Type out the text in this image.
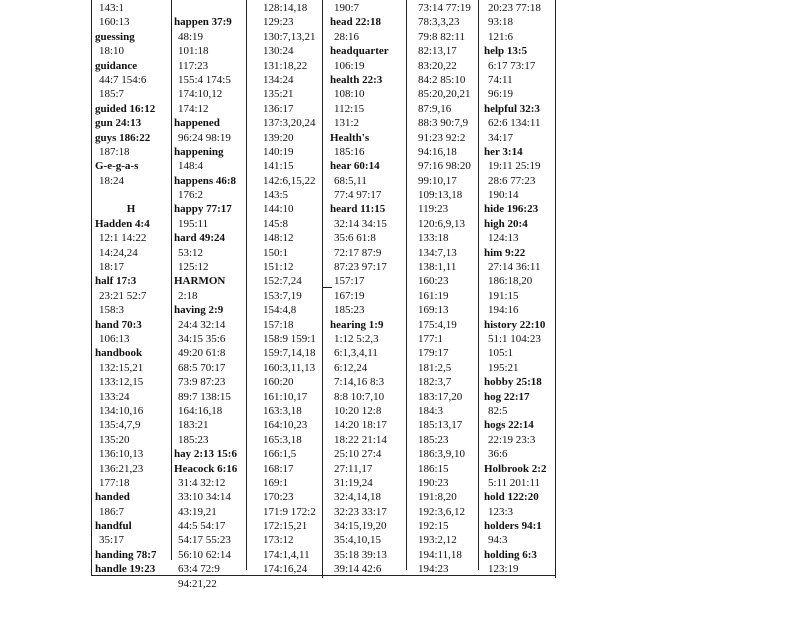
143:1
160:13
guessing
18:10
guidance
44:7 154:6
185:7
guided 16:12
gun 24:13
guys 186:22
187:18
G-e-g-a-s
18:24
H
Hadden 4:4
12:1 14:22
14:24,24
18:17
half 17:3
23:21 52:7
158:3
hand 70:3
106:13
handbook
132:15,21
133:12,15
133:24
134:10,16
135:4,7,9
135:20
136:10,13
136:21,23
177:18
handed
186:7
handful
35:17
handing 78:7
handle 19:23
happen 37:9
48:19
101:18
117:23
155:4 174:5
174:10,12
174:12
happened
96:24 98:19
happening
148:4
happens 46:8
176:2
happy 77:17
195:11
hard 49:24
53:12
125:12
HARMON
2:18
having 2:9
24:4 32:14
34:15 35:6
49:20 61:8
68:5 70:17
73:9 87:23
89:7 138:15
164:16,18
183:21
185:23
hay 2:13 15:6
Heacock 6:16
31:4 32:12
33:10 34:14
43:19,21
44:5 54:17
54:17 55:23
56:10 62:14
63:4 72:9
94:21,22
128:14,18
129:23
130:7,13,21
130:24
131:18,22
134:24
135:21
136:17
137:3,20,24
139:20
140:19
141:15
142:6,15,22
143:5
144:10
145:8
148:12
150:1
151:12
152:7,24
153:7,19
154:4,8
157:18
158:9 159:1
159:7,14,18
160:3,11,13
160:20
161:10,17
163:3,18
164:10,23
165:3,18
166:1,5
168:17
169:1
170:23
171:9 172:2
172:15,21
173:12
174:1,4,11
174:16,24
190:7
head 22:18
28:16
headquarter
106:19
health 22:3
108:10
112:15
131:2
Health's
185:16
hear 60:14
68:5,11
77:4 97:17
heard 11:15
32:14 34:15
35:6 61:8
72:17 87:9
87:23 97:17
157:17
167:19
185:23
hearing 1:9
1:12 5:2,3
6:1,3,4,11
6:12,24
7:14,16 8:3
8:8 10:7,10
10:20 12:8
14:20 18:17
18:22 21:14
25:10 27:4
27:11,17
31:19,24
32:4,14,18
32:23 33:17
34:15,19,20
35:4,10,15
35:18 39:13
39:14 42:6
73:14 77:19
78:3,3,23
79:8 82:11
82:13,17
83:20,22
84:2 85:10
85:20,20,21
87:9,16
88:3 90:7,9
91:23 92:2
94:16,18
97:16 98:20
99:10,17
109:13,18
119:23
120:6,9,13
133:18
134:7,13
138:1,11
160:23
161:19
169:13
175:4,19
177:1
179:17
181:2,5
182:3,7
183:17,20
184:3
185:13,17
185:23
186:3,9,10
186:15
190:23
191:8,20
192:3,6,12
192:15
193:2,12
194:11,18
194:23
20:23 77:18
93:18
121:6
help 13:5
6:17 73:17
74:11
96:19
helpful 32:3
62:6 134:11
34:17
her 3:14
19:11 25:19
28:6 77:23
190:14
hide 196:23
high 20:4
124:13
him 9:22
27:14 36:11
186:18,20
191:15
194:16
history 22:10
51:1 104:23
105:1
195:21
hobby 25:18
hog 22:17
82:5
hogs 22:14
22:19 23:3
36:6
Holbrook 2:2
5:11 201:11
hold 122:20
123:3
holders 94:1
94:3
holding 6:3
123:19
